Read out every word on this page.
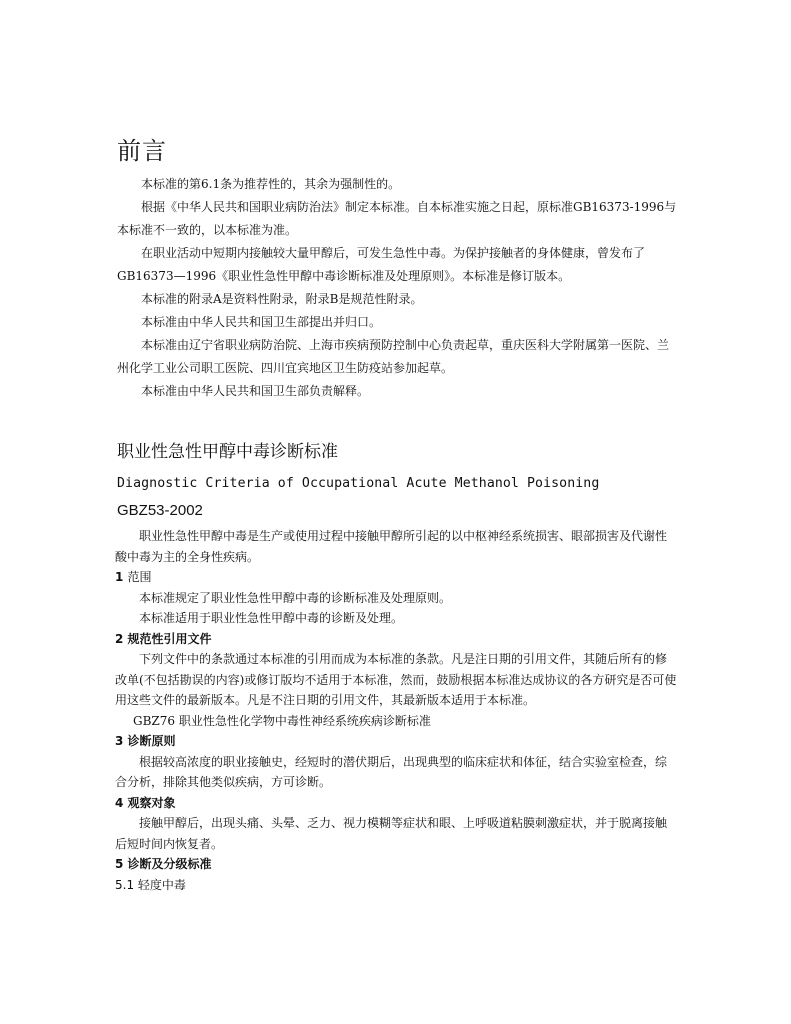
前言

本标准的第6.1条为推荐性的，其余为强制性的。

根据《中华人民共和国职业病防治法》制定本标准。自本标准实施之日起，原标准GB16373-1996与本标准不一致的，以本标准为准。

在职业活动中短期内接触较大量甲醇后，可发生急性中毒。为保护接触者的身体健康，曾发布了GB16373—1996《职业性急性甲醇中毒诊断标准及处理原则》。本标准是修订版本。

本标准的附录A是资料性附录，附录B是规范性附录。

本标准由中华人民共和国卫生部提出并归口。

本标准由辽宁省职业病防治院、上海市疾病预防控制中心负责起草，重庆医科大学附属第一医院、兰州化学工业公司职工医院、四川宜宾地区卫生防疫站参加起草。

本标准由中华人民共和国卫生部负责解释。

职业性急性甲醇中毒诊断标准

Diagnostic Criteria of Occupational Acute Methanol Poisoning

GBZ53-2002

职业性急性甲醇中毒是生产或使用过程中接触甲醇所引起的以中枢神经系统损害、眼部损害及代谢性酸中毒为主的全身性疾病。

1 范围

本标准规定了职业性急性甲醇中毒的诊断标准及处理原则。

本标准适用于职业性急性甲醇中毒的诊断及处理。

2 规范性引用文件

下列文件中的条款通过本标准的引用而成为本标准的条款。凡是注日期的引用文件，其随后所有的修改单(不包括勘误的内容)或修订版均不适用于本标准，然而，鼓励根据本标准达成协议的各方研究是否可使用这些文件的最新版本。凡是不注日期的引用文件，其最新版本适用于本标准。

GBZ76 职业性急性化学物中毒性神经系统疾病诊断标准

3 诊断原则

根据较高浓度的职业接触史，经短时的潜伏期后，出现典型的临床症状和体征，结合实验室检查，综合分析，排除其他类似疾病，方可诊断。

4 观察对象

接触甲醇后，出现头痛、头晕、乏力、视力模糊等症状和眼、上呼吸道粘膜刺激症状，并于脱离接触后短时间内恢复者。

5 诊断及分级标准

5.1 轻度中毒
